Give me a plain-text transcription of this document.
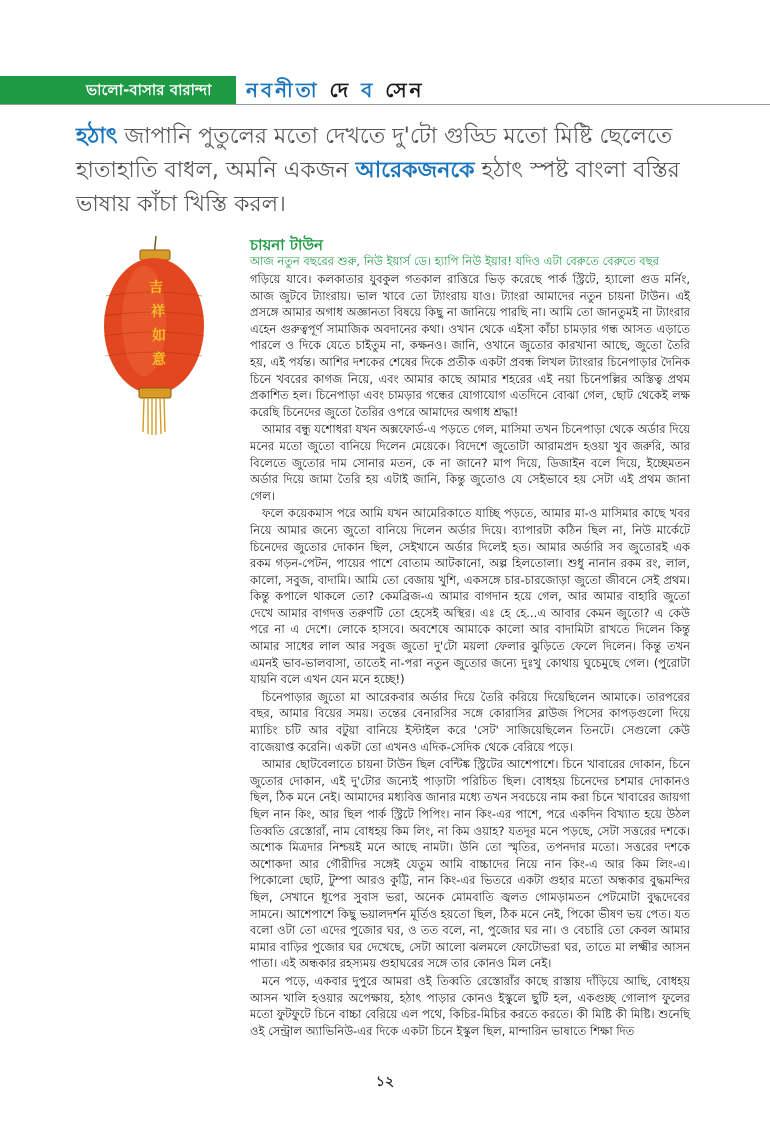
ভালো-বাসার বারান্দা নবনীতা দে ব সেন
হঠাৎ জাপানি পুতুলের মতো দেখতে দু'টো গুড্ডি মতো মিষ্টি ছেলেতে হাতাহাতি বাধল, অমনি একজন আরেকজনকে হঠাৎ স্পষ্ট বাংলা বস্তির ভাষায় কাঁচা খিস্তি করল।
吉
祥
如
意
চায়না টাউন
আজ নতুন বছরের শুরু, নিউ ইয়ার্স ডে। হ্যাপি নিউ ইয়ার! যদিও এটা বেরুতে বেরুতে বছর

গড়িয়ে যাবে। কলকাতার যুবকুল গতকাল রাত্তিরে ভিড় করেছে পার্ক স্ট্রিটে, হ্যালো গুড মর্নিং, আজ জুটবে ট্যাংরায়। ভাল খাবে তো ট্যাংরায় যাও। ট্যাংরা আমাদের নতুন চায়না টাউন। এই প্রসঙ্গে আমার অগাধ অজ্ঞানতা বিষয়ে কিছু না জানিয়ে পারছি না। আমি তো জানতুমই না ট্যাংরার এহেন গুরুত্বপূর্ণ সামাজিক অবদানের কথা। ওখান থেকে এইসা কাঁচা চামড়ার গন্ধ আসত এড়াতে পারলে ও দিকে যেতে চাইতুম না, কক্ষনও। জানি, ওখানে জুতোর কারখানা আছে, জুতো তৈরি হয়, এই পর্যন্ত। আশির দশকের শেষের দিকে প্রতীক একটা প্রবন্ধ লিখল ট্যাংরার চিনেপাড়ার দৈনিক চিনে খবরের কাগজ নিয়ে, এবং আমার কাছে আমার শহরের এই নয়া চিনেপল্লির অস্তিত্ব প্রথম প্রকাশিত হল। চিনেপাড়া এবং চামড়ার গন্ধের যোগাযোগ এতদিনে বোঝা গেল, ছোট থেকেই লক্ষ করেছি চিনেদের জুতো তৈরির ওপরে আমাদের অগাধ শ্রদ্ধা!

আমার বন্ধু যশোধরা যখন অক্সফোর্ড-এ পড়তে গেল, মাসিমা তখন চিনেপাড়া থেকে অর্ডার দিয়ে মনের মতো জুতো বানিয়ে দিলেন মেয়েকে। বিদেশে জুতোটা আরামপ্রদ হওয়া খুব জরুরি, আর বিলেতে জুতোর দাম সোনার মতন, কে না জানে? মাপ দিয়ে, ডিজাইন বলে দিয়ে, ইচ্ছেমতন অর্ডার দিয়ে জামা তৈরি হয় এটাই জানি, কিন্তু জুতোও যে সেইভাবে হয় সেটা এই প্রথম জানা গেল।

ফলে কয়েকমাস পরে আমি যখন আমেরিকাতে যাচ্ছি পড়তে, আমার মা-ও মাসিমার কাছে খবর নিয়ে আমার জন্যে জুতো বানিয়ে দিলেন অর্ডার দিয়ে। ব্যাপারটা কঠিন ছিল না, নিউ মার্কেটে চিনেদের জুতোর দোকান ছিল, সেইখানে অর্ডার দিলেই হত। আমার অর্ডারি সব জুতোরই এক রকম গড়ন-পেটন, পায়ের পাশে বোতাম আটকানো, অল্প হিলতোলা। শুধু নানান রকম রং, লাল, কালো, সবুজ, বাদামি। আমি তো বেজায় খুশি, একসঙ্গে চার-চারজোড়া জুতো জীবনে সেই প্রথম। কিন্তু কপালে থাকলে তো? কেমব্রিজ-এ আমার বাগদান হয়ে গেল, আর আমার বাহারি জুতো দেখে আমার বাগদত্ত তরুণটি তো হেসেই অস্থির। এঃ হে হে...এ আবার কেমন জুতো? এ কেউ পরে না এ দেশে। লোকে হাসবে। অবশেষে আমাকে কালো আর বাদামিটা রাখতে দিলেন কিন্তু আমার সাধের লাল আর সবুজ জুতো দু'টো ময়লা ফেলার ঝুড়িতে ফেলে দিলেন। কিন্তু তখন এমনই ভাব-ভালবাসা, তাতেই না-পরা নতুন জুতোর জন্যে দুঃখু কোথায় ঘুচেমুছে গেল। (পুরোটা যায়নি বলে এখন যেন মনে হচ্ছে!)

চিনেপাড়ার জুতো মা আরেকবার অর্ডার দিয়ে তৈরি করিয়ে দিয়েছিলেন আমাকে। তারপরের বছর, আমার বিয়ের সময়। তন্তের বেনারসির সঙ্গে কোরাসির ব্লাউজ পিসের কাপড়গুলো দিয়ে ম্যাচিং চটি আর বটুয়া বানিয়ে ইস্টাইল করে 'সেট' সাজিয়েছিলেন তিনটে। সেগুলো কেউ বাজেয়াপ্ত করেনি। একটা তো এখনও এদিক-সেদিক থেকে বেরিয়ে পড়ে।

আমার ছোটবেলাতে চায়না টাউন ছিল বেন্টিঙ্ক স্ট্রিটের আশেপাশে। চিনে খাবারের দোকান, চিনে জুতোর দোকান, এই দু'টোর জন্যেই পাড়াটা পরিচিত ছিল। বোধহয় চিনেদের চশমার দোকানও ছিল, ঠিক মনে নেই। আমাদের মধ্যবিত্ত জানার মধ্যে তখন সবচেয়ে নাম করা চিনে খাবারের জায়গা ছিল নান কিং, আর ছিল পার্ক স্ট্রিটে পিপিং। নান কিং-এর পাশে, পরে একদিন বিখ্যাত হয়ে উঠল তিব্বতি রেস্তোরাঁ, নাম বোধহয় কিম লিং, না কিম ওয়াহ? যতদূর মনে পড়ছে, সেটা সত্তরের দশকে। অশোক মিত্রদার নিশ্চয়ই মনে আছে নামটা। উনি তো স্মৃতির, তপনদার মতো। সত্তরের দশকে অশোকদা আর গৌরীদির সঙ্গেই যেতুম আমি বাচ্চাদের নিয়ে নান কিং-এ আর কিম লিং-এ। পিকোলো ছোট, টুম্পা আরও কুট্টি, নান কিং-এর ভিতরে একটা গুহার মতো অন্ধকার বুদ্ধমন্দির ছিল, সেখানে ধূপের সুবাস ভরা, অনেক মোমবাতি জ্বলত গোমড়ামতন পেটমোটা বুদ্ধদেবের সামনে। আশেপাশে কিছু ভয়ালদর্শন মূর্তিও হয়তো ছিল, ঠিক মনে নেই, পিকো ভীষণ ভয় পেত। যত বলো ওটা তো এদের পুজোর ঘর, ও তত বলে, না, পুজোর ঘর না। ও বেচারি তো কেবল আমার মামার বাড়ির পুজোর ঘর দেখেছে, সেটা আলো ঝলমলে ফোটোভরা ঘর, তাতে মা লক্ষ্মীর আসন পাতা। এই অন্ধকার রহস্যময় গুহাঘরের সঙ্গে তার কোনও মিল নেই।

মনে পড়ে, একবার দুপুরে আমরা ওই তিব্বতি রেস্তোরাঁর কাছে রাস্তায় দাঁড়িয়ে আছি, বোধহয় আসন খালি হওয়ার অপেক্ষায়, হঠাৎ পাড়ার কোনও ইস্কুলে ছুটি হল, একগুচ্ছ গোলাপ ফুলের মতো ফুটফুটে চিনে বাচ্চা বেরিয়ে এল পথে, কিচির-মিচির করতে করতে। কী মিষ্টি কী মিষ্টি। শুনেছি ওই সেন্ট্রাল অ্যাভিনিউ-এর দিকে একটা চিনে ইস্কুল ছিল, মান্দারিন ভাষাতে শিক্ষা দিত

১২
